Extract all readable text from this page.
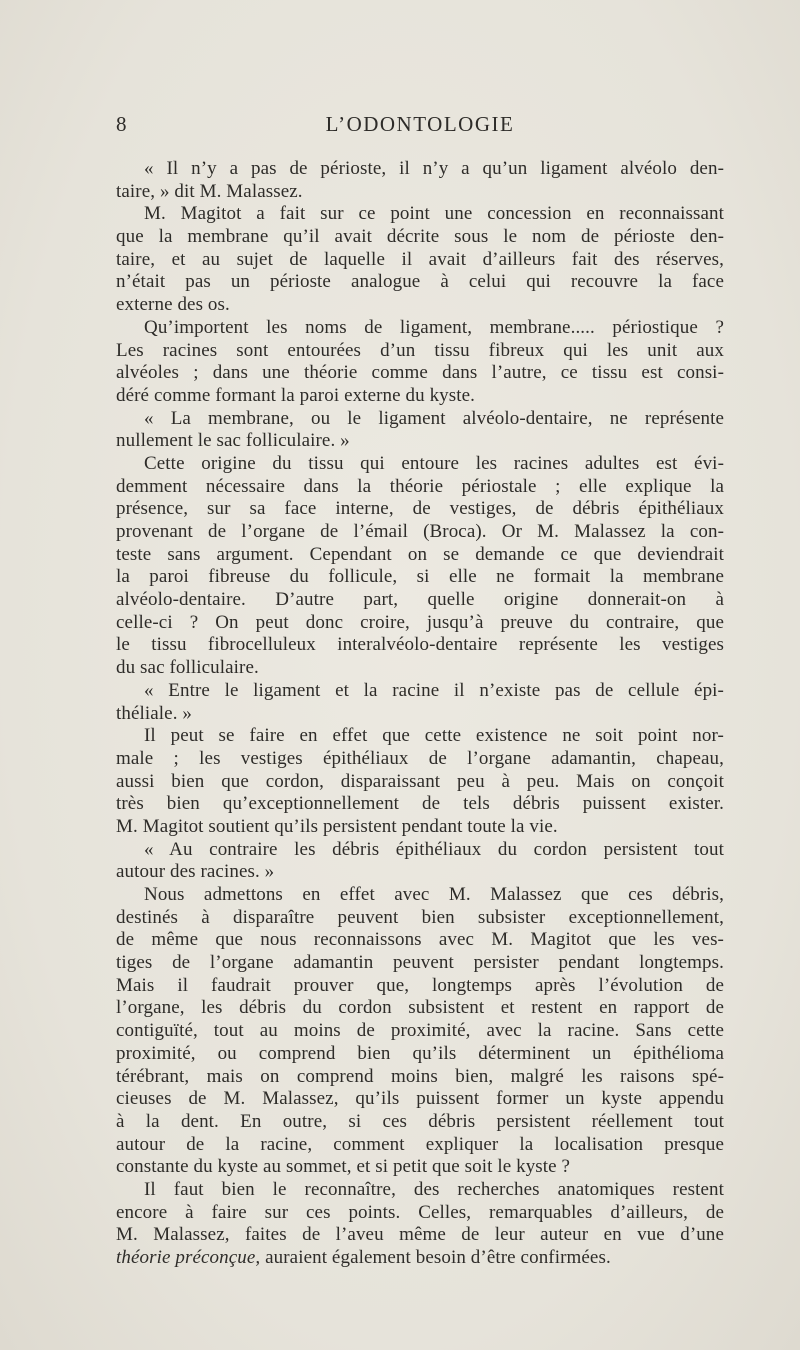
8	L’ODONTOLOGIE
« Il n’y a pas de périoste, il n’y a qu’un ligament alvéolo den-
taire, » dit M. Malassez.
M. Magitot a fait sur ce point une concession en reconnaissant
que la membrane qu’il avait décrite sous le nom de périoste den-
taire, et au sujet de laquelle il avait d’ailleurs fait des réserves,
n’était pas un périoste analogue à celui qui recouvre la face
externe des os.
Qu’importent les noms de ligament, membrane..... périostique ?
Les racines sont entourées d’un tissu fibreux qui les unit aux
alvéoles ; dans une théorie comme dans l’autre, ce tissu est consi-
déré comme formant la paroi externe du kyste.
« La membrane, ou le ligament alvéolo-dentaire, ne représente
nullement le sac folliculaire. »
Cette origine du tissu qui entoure les racines adultes est évi-
demment nécessaire dans la théorie périostale ; elle explique la
présence, sur sa face interne, de vestiges, de débris épithéliaux
provenant de l’organe de l’émail (Broca). Or M. Malassez la con-
teste sans argument. Cependant on se demande ce que deviendrait
la paroi fibreuse du follicule, si elle ne formait la membrane
alvéolo-dentaire. D’autre part, quelle origine donnerait-on à
celle-ci ? On peut donc croire, jusqu’à preuve du contraire, que
le tissu fibrocelluleux interalvéolo-dentaire représente les vestiges
du sac folliculaire.
« Entre le ligament et la racine il n’existe pas de cellule épi-
théliale. »
Il peut se faire en effet que cette existence ne soit point nor-
male ; les vestiges épithéliaux de l’organe adamantin, chapeau,
aussi bien que cordon, disparaissant peu à peu. Mais on conçoit
très bien qu’exceptionnellement de tels débris puissent exister.
M. Magitot soutient qu’ils persistent pendant toute la vie.
« Au contraire les débris épithéliaux du cordon persistent tout
autour des racines. »
Nous admettons en effet avec M. Malassez que ces débris,
destinés à disparaître peuvent bien subsister exceptionnellement,
de même que nous reconnaissons avec M. Magitot que les ves-
tiges de l’organe adamantin peuvent persister pendant longtemps.
Mais il faudrait prouver que, longtemps après l’évolution de
l’organe, les débris du cordon subsistent et restent en rapport de
contiguïté, tout au moins de proximité, avec la racine. Sans cette
proximité, ou comprend bien qu’ils déterminent un épithélioma
térébrant, mais on comprend moins bien, malgré les raisons spé-
cieuses de M. Malassez, qu’ils puissent former un kyste appendu
à la dent. En outre, si ces débris persistent réellement tout
autour de la racine, comment expliquer la localisation presque
constante du kyste au sommet, et si petit que soit le kyste ?
Il faut bien le reconnaître, des recherches anatomiques restent
encore à faire sur ces points. Celles, remarquables d’ailleurs, de
M. Malassez, faites de l’aveu même de leur auteur en vue d’une
théorie préconçue, auraient également besoin d’être confirmées.
